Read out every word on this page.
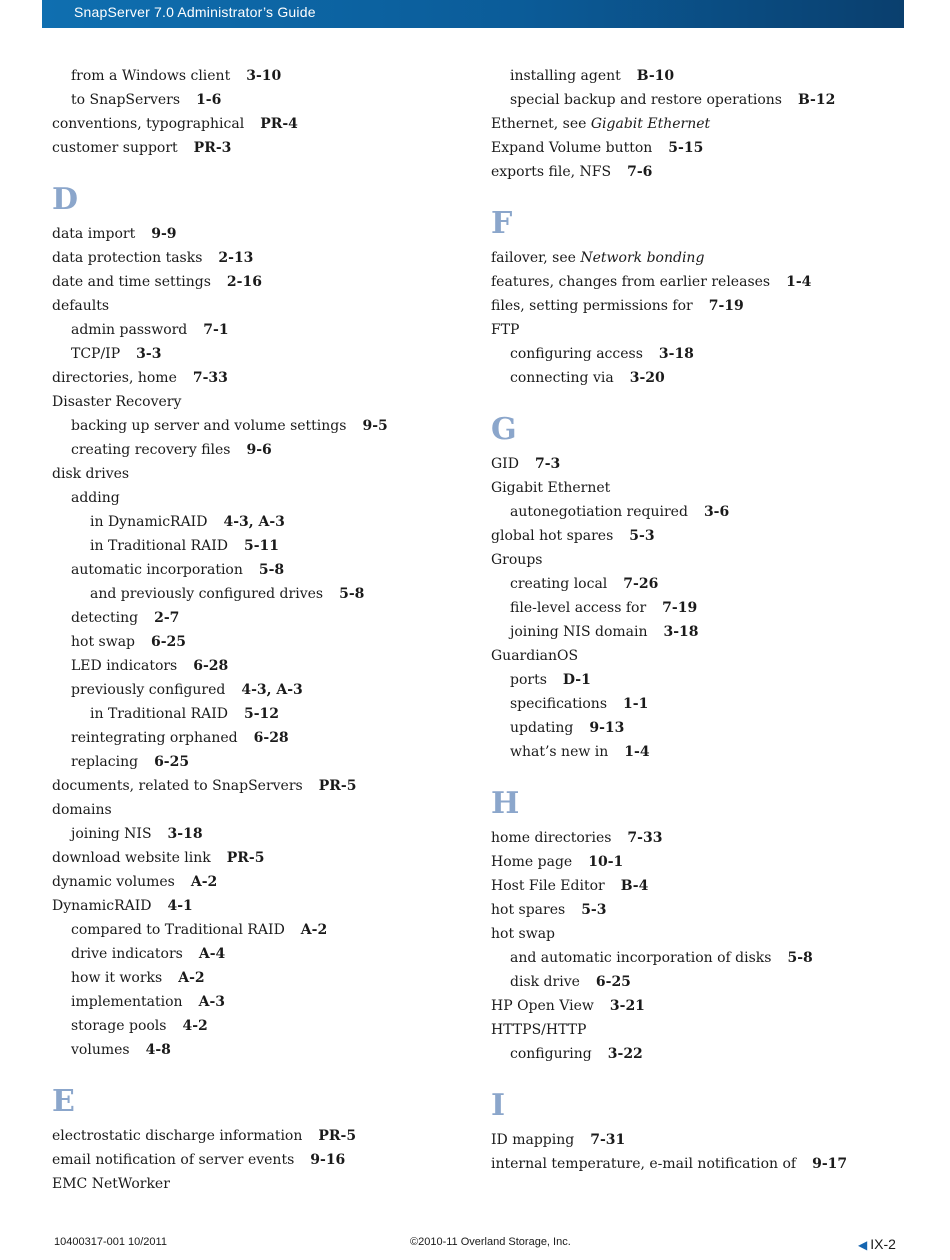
SnapServer 7.0 Administrator’s Guide
from a Windows client 3-10
to SnapServers 1-6
conventions, typographical PR-4
customer support PR-3
D
data import 9-9
data protection tasks 2-13
date and time settings 2-16
defaults
admin password 7-1
TCP/IP 3-3
directories, home 7-33
Disaster Recovery
backing up server and volume settings 9-5
creating recovery files 9-6
disk drives
adding
in DynamicRAID 4-3, A-3
in Traditional RAID 5-11
automatic incorporation 5-8
and previously configured drives 5-8
detecting 2-7
hot swap 6-25
LED indicators 6-28
previously configured 4-3, A-3
in Traditional RAID 5-12
reintegrating orphaned 6-28
replacing 6-25
documents, related to SnapServers PR-5
domains
joining NIS 3-18
download website link PR-5
dynamic volumes A-2
DynamicRAID 4-1
compared to Traditional RAID A-2
drive indicators A-4
how it works A-2
implementation A-3
storage pools 4-2
volumes 4-8
E
electrostatic discharge information PR-5
email notification of server events 9-16
EMC NetWorker
installing agent B-10
special backup and restore operations B-12
Ethernet, see Gigabit Ethernet
Expand Volume button 5-15
exports file, NFS 7-6
F
failover, see Network bonding
features, changes from earlier releases 1-4
files, setting permissions for 7-19
FTP
configuring access 3-18
connecting via 3-20
G
GID 7-3
Gigabit Ethernet
autonegotiation required 3-6
global hot spares 5-3
Groups
creating local 7-26
file-level access for 7-19
joining NIS domain 3-18
GuardianOS
ports D-1
specifications 1-1
updating 9-13
what’s new in 1-4
H
home directories 7-33
Home page 10-1
Host File Editor B-4
hot spares 5-3
hot swap
and automatic incorporation of disks 5-8
disk drive 6-25
HP Open View 3-21
HTTPS/HTTP
configuring 3-22
I
ID mapping 7-31
internal temperature, e-mail notification of 9-17
10400317-001 10/2011	©2010-11 Overland Storage, Inc.	◀ IX-2
